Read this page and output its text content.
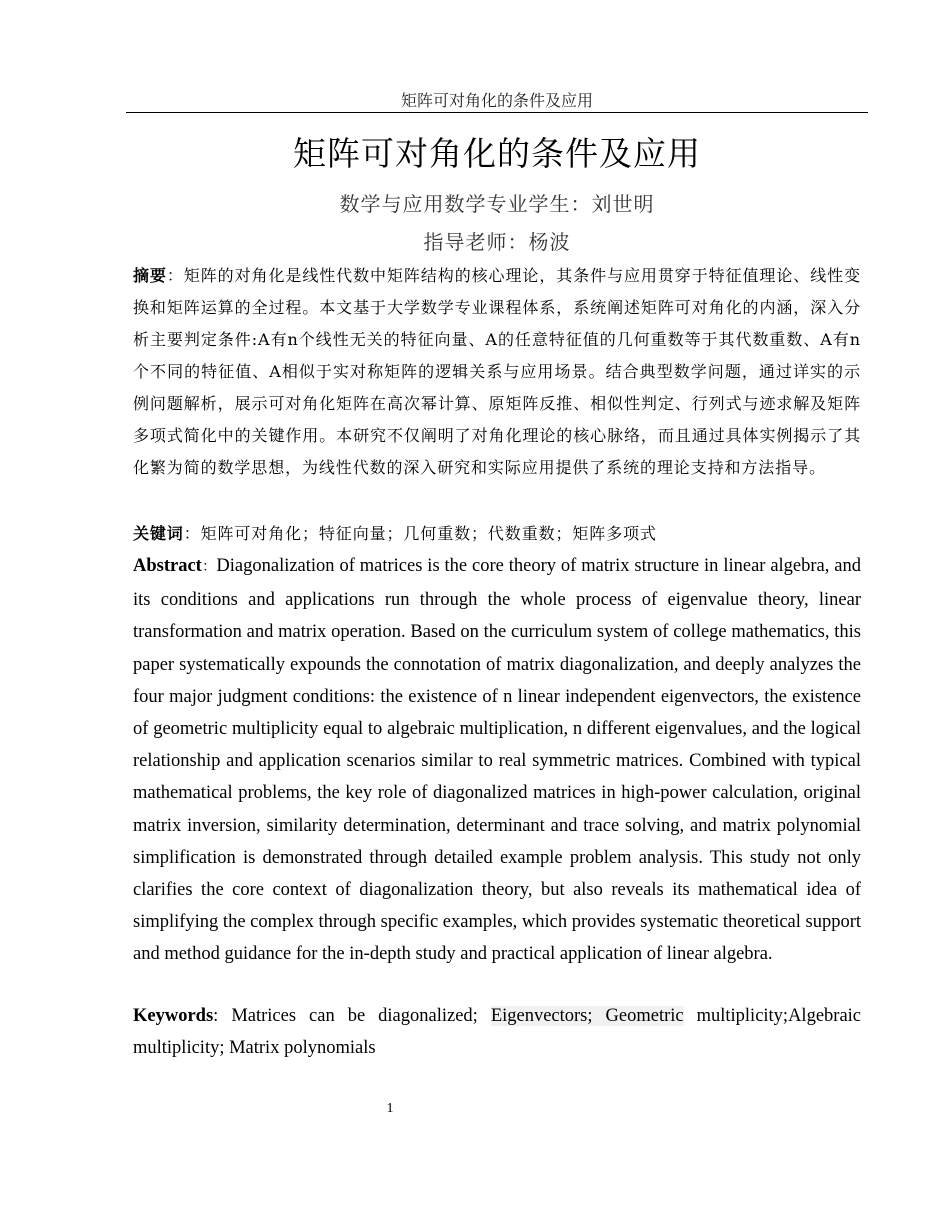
矩阵可对角化的条件及应用
矩阵可对角化的条件及应用
数学与应用数学专业学生：刘世明
指导老师：杨波
摘要：矩阵的对角化是线性代数中矩阵结构的核心理论，其条件与应用贯穿于特征值理论、线性变换和矩阵运算的全过程。本文基于大学数学专业课程体系，系统阐述矩阵可对角化的内涵，深入分析主要判定条件:A有n个线性无关的特征向量、A的任意特征值的几何重数等于其代数重数、A有n个不同的特征值、A相似于实对称矩阵的逻辑关系与应用场景。结合典型数学问题，通过详实的示例问题解析，展示可对角化矩阵在高次幂计算、原矩阵反推、相似性判定、行列式与迹求解及矩阵多项式简化中的关键作用。本研究不仅阐明了对角化理论的核心脉络，而且通过具体实例揭示了其化繁为简的数学思想，为线性代数的深入研究和实际应用提供了系统的理论支持和方法指导。
关键词：矩阵可对角化；特征向量；几何重数；代数重数；矩阵多项式
Abstract：Diagonalization of matrices is the core theory of matrix structure in linear algebra, and its conditions and applications run through the whole process of eigenvalue theory, linear transformation and matrix operation. Based on the curriculum system of college mathematics, this paper systematically expounds the connotation of matrix diagonalization, and deeply analyzes the four major judgment conditions: the existence of n linear independent eigenvectors, the existence of geometric multiplicity equal to algebraic multiplication, n different eigenvalues, and the logical relationship and application scenarios similar to real symmetric matrices. Combined with typical mathematical problems, the key role of diagonalized matrices in high-power calculation, original matrix inversion, similarity determination, determinant and trace solving, and matrix polynomial simplification is demonstrated through detailed example problem analysis. This study not only clarifies the core context of diagonalization theory, but also reveals its mathematical idea of simplifying the complex through specific examples, which provides systematic theoretical support and method guidance for the in-depth study and practical application of linear algebra.
Keywords: Matrices can be diagonalized; Eigenvectors; Geometric multiplicity;Algebraic multiplicity; Matrix polynomials
1
